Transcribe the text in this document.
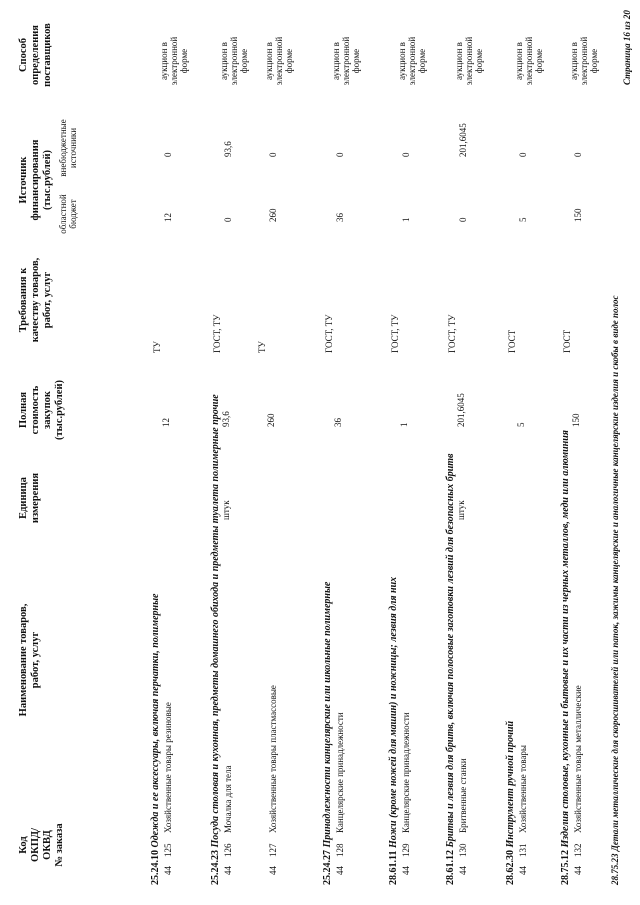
Код ОКПД/ ОКВД № заказа
Наименование товаров, работ, услуг
Единица измерения
Полная стоимость закупок (тыс.рублей)
Требования к качеству товаров, работ, услуг
Источник финансирования (тыс.рублей)
областной бюджет
внебюджетные источники
Способ определения поставщиков
25.24.10 Одежда и ее аксессуары, включая перчатки, полимерные
44
125
Хозяйственные товары резиновые
12
ТУ
12
0
аукцион в электронной форме
25.24.23 Посуда столовая и кухонная, предметы домашнего обихода и предметы туалета полимерные прочие
44
126
Мочалка для тела
штук
93,6
ГОСТ, ТУ
0
93,6
аукцион в электронной форме
44
127
Хозяйственные товары пластмассовые
260
ТУ
260
0
аукцион в электронной форме
25.24.27 Принадлежности канцелярские или школьные полимерные
44
128
Канцелярские принадлежности
36
ГОСТ, ТУ
36
0
аукцион в электронной форме
28.61.11 Ножи (кроме ножей для машин) и ножницы; лезвия для них
44
129
Канцелярские принадлежности
1
ГОСТ, ТУ
1
0
аукцион в электронной форме
28.61.12 Бритвы и лезвия для бритв, включая полосовые заготовки лезвий для безопасных бритв
44
130
Бритвенные станки
штук
201,6045
ГОСТ, ТУ
0
201,6045
аукцион в электронной форме
28.62.30 Инструмент ручной прочий
44
131
Хозяйственные товары
5
ГОСТ
5
0
аукцион в электронной форме
28.75.12 Изделия столовые, кухонные и бытовые и их части из черных металлов, меди или алюминия
44
132
Хозяйственные товары металлические
150
ГОСТ
150
0
аукцион в электронной форме
28.75.23 Детали металлические для скоросшивателей или папок, зажимы канцелярские и аналогичные канцелярские изделия и скобы в виде полос
Страница 16 из 20
